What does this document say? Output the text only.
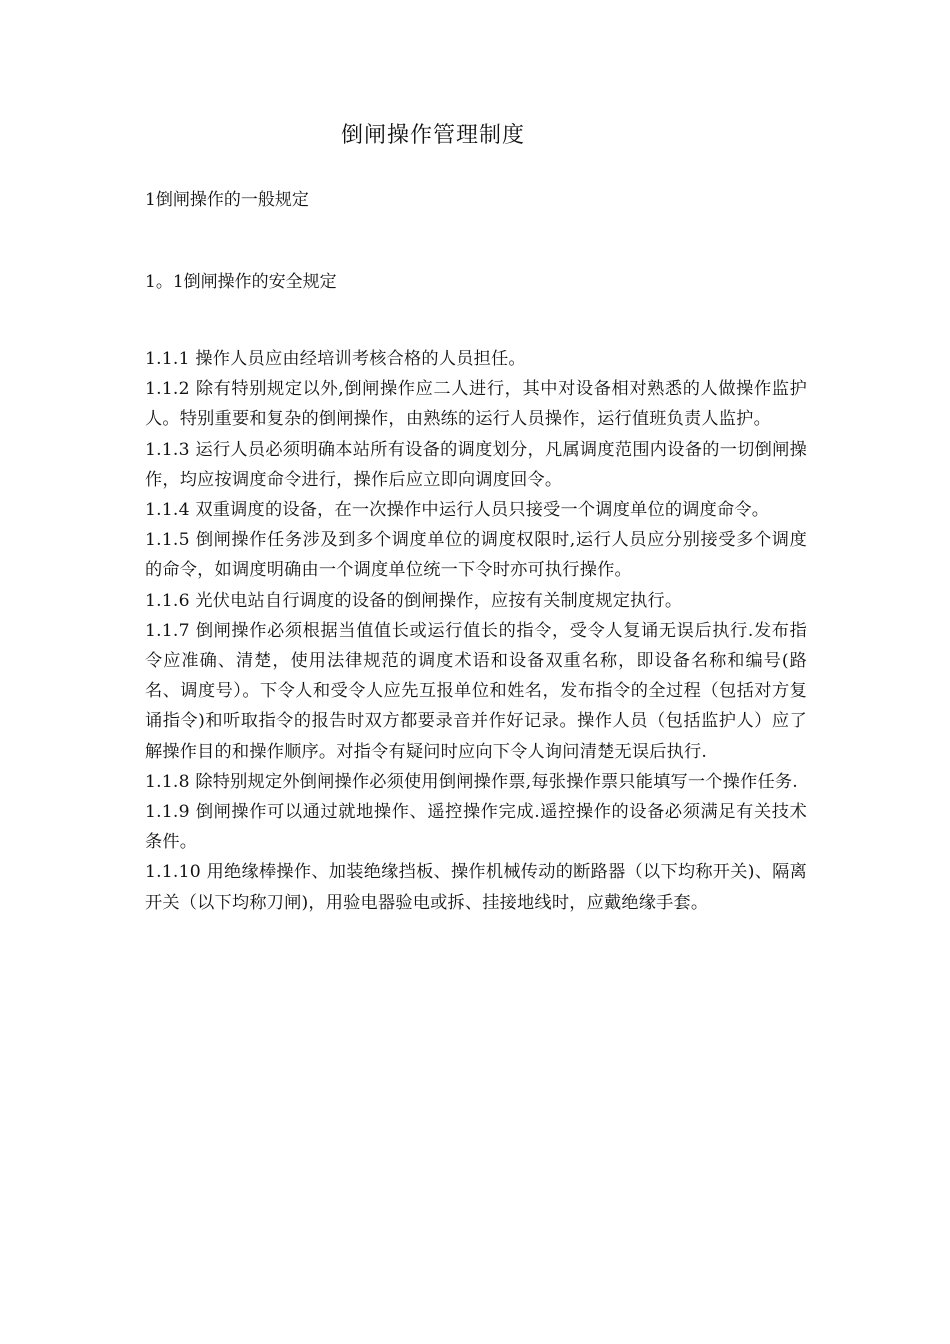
倒闸操作管理制度
1倒闸操作的一般规定
1。1倒闸操作的安全规定
1.1.1 操作人员应由经培训考核合格的人员担任。
1.1.2 除有特别规定以外,倒闸操作应二人进行，其中对设备相对熟悉的人做操作监护人。特别重要和复杂的倒闸操作，由熟练的运行人员操作，运行值班负责人监护。
1.1.3 运行人员必须明确本站所有设备的调度划分，凡属调度范围内设备的一切倒闸操作，均应按调度命令进行，操作后应立即向调度回令。
1.1.4 双重调度的设备，在一次操作中运行人员只接受一个调度单位的调度命令。
1.1.5 倒闸操作任务涉及到多个调度单位的调度权限时,运行人员应分别接受多个调度的命令，如调度明确由一个调度单位统一下令时亦可执行操作。
1.1.6 光伏电站自行调度的设备的倒闸操作，应按有关制度规定执行。
1.1.7 倒闸操作必须根据当值值长或运行值长的指令，受令人复诵无误后执行.发布指令应准确、清楚，使用法律规范的调度术语和设备双重名称，即设备名称和编号(路名、调度号）。下令人和受令人应先互报单位和姓名，发布指令的全过程（包括对方复诵指令)和听取指令的报告时双方都要录音并作好记录。操作人员（包括监护人）应了解操作目的和操作顺序。对指令有疑问时应向下令人询问清楚无误后执行.
1.1.8 除特别规定外倒闸操作必须使用倒闸操作票,每张操作票只能填写一个操作任务.
1.1.9 倒闸操作可以通过就地操作、遥控操作完成.遥控操作的设备必须满足有关技术条件。
1.1.10 用绝缘棒操作、加装绝缘挡板、操作机械传动的断路器（以下均称开关)、隔离开关（以下均称刀闸)，用验电器验电或拆、挂接地线时，应戴绝缘手套。
